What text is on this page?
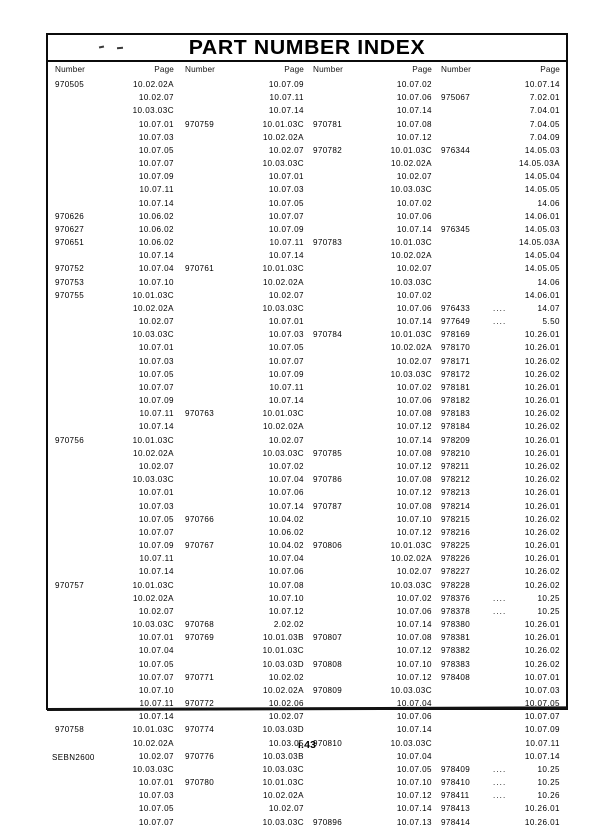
PART NUMBER INDEX
Number	Page
970505	10.02.02A
10.02.07
10.03.03C
10.07.01
10.07.03
10.07.05
10.07.07
10.07.09
10.07.11
10.07.14
970626	10.06.02
970627	10.06.02
970651	10.06.02
10.07.14
970752	10.07.04
970753	10.07.10
970755	10.01.03C
10.02.02A
10.02.07
10.03.03C
10.07.01
10.07.03
10.07.05
10.07.07
10.07.09
10.07.11
10.07.14
970756	10.01.03C
10.02.02A
10.02.07
10.03.03C
10.07.01
10.07.03
10.07.05
10.07.07
10.07.09
10.07.11
10.07.14
970757	10.01.03C
10.02.02A
10.02.07
10.03.03C
10.07.01
10.07.04
10.07.05
10.07.07
10.07.10
10.07.11
10.07.14
970758	10.01.03C
10.02.02A
10.02.07
10.03.03C
10.07.01
10.07.03
10.07.05
10.07.07
Number	Page
10.07.09
10.07.11
10.07.14
970759	10.01.03C
10.02.02A
10.02.07
10.03.03C
10.07.01
10.07.03
10.07.05
10.07.07
10.07.09
10.07.11
10.07.14
970761	10.01.03C
10.02.02A
10.02.07
10.03.03C
10.07.01
10.07.03
10.07.05
10.07.07
10.07.09
10.07.11
10.07.14
970763	10.01.03C
10.02.02A
10.02.07
10.03.03C
10.07.02
10.07.04
10.07.06
10.07.14
970766	10.04.02
10.06.02
970767	10.04.02
10.07.04
10.07.06
10.07.08
10.07.10
10.07.12
970768	2.02.02
970769	10.01.03B
10.01.03C
10.03.03D
970771	10.02.02
10.02.02A
970772	10.02.06
10.02.07
970774	10.03.03D
10.03.05
970776	10.03.03B
10.03.03C
970780	10.01.03C
10.02.02A
10.02.07
10.03.03C
Number	Page
10.07.02
10.07.06
10.07.14
970781	10.07.08
10.07.12
970782	10.01.03C
10.02.02A
10.02.07
10.03.03C
10.07.02
10.07.06
10.07.14
970783	10.01.03C
10.02.02A
10.02.07
10.03.03C
10.07.02
10.07.06
10.07.14
970784	10.01.03C
10.02.02A
10.02.07
10.03.03C
10.07.02
10.07.06
10.07.08
10.07.12
10.07.14
970785	10.07.08
10.07.12
970786	10.07.08
10.07.12
970787	10.07.08
10.07.10
10.07.12
970806	10.01.03C
10.02.02A
10.02.07
10.03.03C
10.07.02
10.07.06
10.07.14
970807	10.07.08
10.07.12
970808	10.07.10
10.07.12
970809	10.03.03C
10.07.04
10.07.06
10.07.14
970810	10.03.03C
10.07.04
10.07.05
10.07.10
10.07.12
10.07.14
970896	10.07.13
Number	Page
10.07.14
975067	7.02.01
7.04.01
7.04.05
7.04.09
976344	14.05.03
14.05.03A
14.05.04
14.05.05
14.06
14.06.01
976345	14.05.03
14.05.03A
14.05.04
14.05.05
14.06
14.06.01
976433	....	14.07
977649	....	5.50
978169	10.26.01
978170	10.26.01
978171	10.26.02
978172	10.26.02
978181	10.26.01
978182	10.26.01
978183	10.26.02
978184	10.26.02
978209	10.26.01
978210	10.26.01
978211	10.26.02
978212	10.26.02
978213	10.26.01
978214	10.26.01
978215	10.26.02
978216	10.26.02
978225	10.26.01
978226	10.26.01
978227	10.26.02
978228	10.26.02
978376	....	10.25
978378	....	10.25
978380	10.26.01
978381	10.26.01
978382	10.26.02
978383	10.26.02
978408	10.07.01
10.07.03
10.07.05
10.07.07
10.07.09
10.07.11
10.07.14
978409	....	10.25
978410	....	10.25
978411	....	10.26
978413	10.26.01
978414	10.26.01
i.43
SEBN2600
